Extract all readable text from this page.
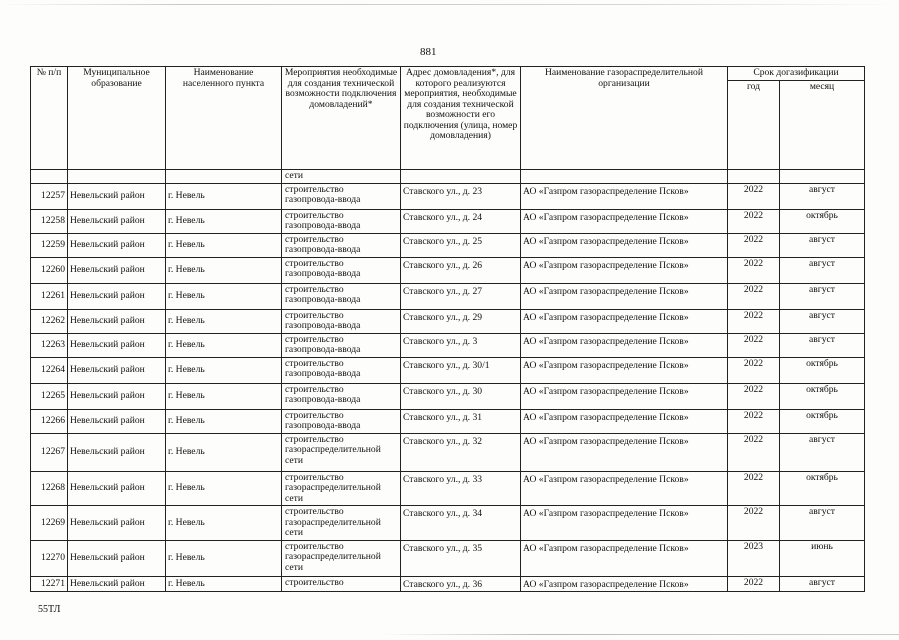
881
№ п/п	Муниципальное образование	Наименование населенного пункта	Мероприятия необходимые для создания технической возможности подключения домовладений*	Адрес домовладения*, для которого реализуются мероприятия, необходимые для создания технической возможности его подключения (улица, номер домовладения)	Наименование газораспределительной организации	Срок догазификации	
						год	месяц
			сети				
12257	Невельский район	г. Невель	строительство газопровода-ввода	Ставского ул., д. 23	АО «Газпром газораспределение Псков»	2022	август
12258	Невельский район	г. Невель	строительство газопровода-ввода	Ставского ул., д. 24	АО «Газпром газораспределение Псков»	2022	октябрь
12259	Невельский район	г. Невель	строительство газопровода-ввода	Ставского ул., д. 25	АО «Газпром газораспределение Псков»	2022	август
12260	Невельский район	г. Невель	строительство газопровода-ввода	Ставского ул., д. 26	АО «Газпром газораспределение Псков»	2022	август
12261	Невельский район	г. Невель	строительство газопровода-ввода	Ставского ул., д. 27	АО «Газпром газораспределение Псков»	2022	август
12262	Невельский район	г. Невель	строительство газопровода-ввода	Ставского ул., д. 29	АО «Газпром газораспределение Псков»	2022	август
12263	Невельский район	г. Невель	строительство газопровода-ввода	Ставского ул., д. 3	АО «Газпром газораспределение Псков»	2022	август
12264	Невельский район	г. Невель	строительство газопровода-ввода	Ставского ул., д. 30/1	АО «Газпром газораспределение Псков»	2022	октябрь
12265	Невельский район	г. Невель	строительство газопровода-ввода	Ставского ул., д. 30	АО «Газпром газораспределение Псков»	2022	октябрь
12266	Невельский район	г. Невель	строительство газопровода-ввода	Ставского ул., д. 31	АО «Газпром газораспределение Псков»	2022	октябрь
12267	Невельский район	г. Невель	строительство газораспределительной сети	Ставского ул., д. 32	АО «Газпром газораспределение Псков»	2022	август
12268	Невельский район	г. Невель	строительство газораспределительной сети	Ставского ул., д. 33	АО «Газпром газораспределение Псков»	2022	октябрь
12269	Невельский район	г. Невель	строительство газораспределительной сети	Ставского ул., д. 34	АО «Газпром газораспределение Псков»	2022	август
12270	Невельский район	г. Невель	строительство газораспределительной сети	Ставского ул., д. 35	АО «Газпром газораспределение Псков»	2023	июнь
12271	Невельский район	г. Невель	строительство	Ставского ул., д. 36	АО «Газпром газораспределение Псков»	2022	август
55ТЛ
